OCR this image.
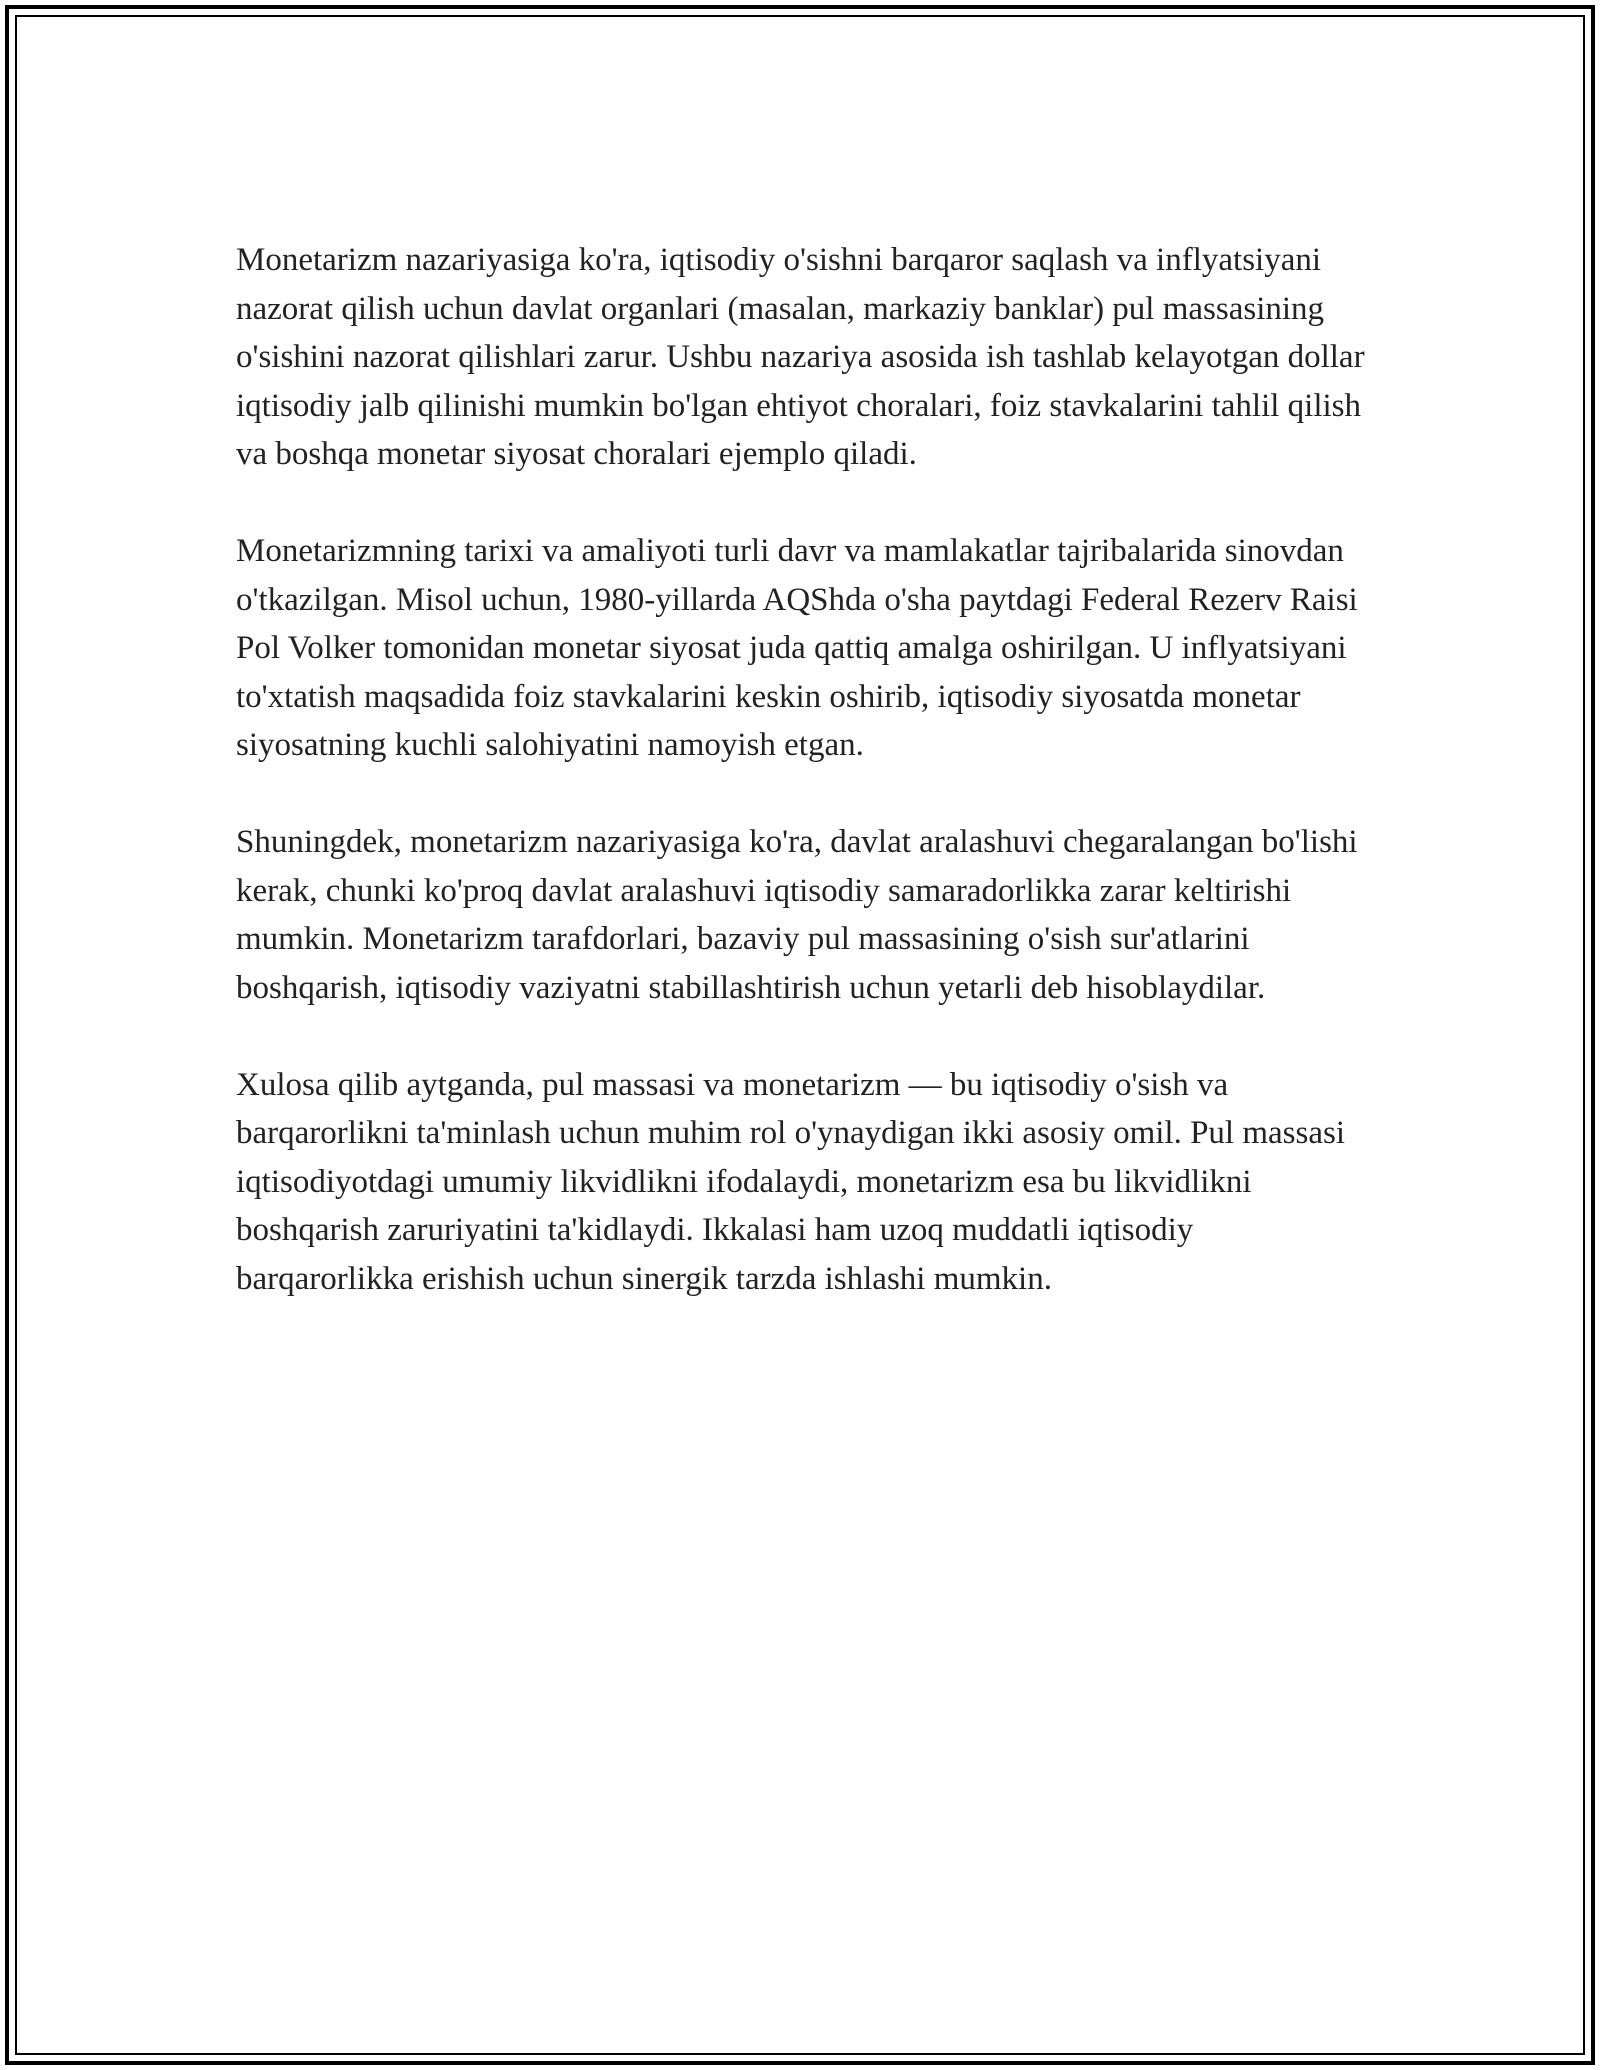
Monetarizm nazariyasiga ko'ra, iqtisodiy o'sishni barqaror saqlash va inflyatsiyani nazorat qilish uchun davlat organlari (masalan, markaziy banklar) pul massasining o'sishini nazorat qilishlari zarur. Ushbu nazariya asosida ish tashlab kelayotgan dollar iqtisodiy jalb qilinishi mumkin bo'lgan ehtiyot choralari, foiz stavkalarini tahlil qilish va boshqa monetar siyosat choralari ejemplo qiladi.

Monetarizmning tarixi va amaliyoti turli davr va mamlakatlar tajribalarida sinovdan o'tkazilgan. Misol uchun, 1980-yillarda AQShda o'sha paytdagi Federal Rezerv Raisi Pol Volker tomonidan monetar siyosat juda qattiq amalga oshirilgan. U inflyatsiyani to'xtatish maqsadida foiz stavkalarini keskin oshirib, iqtisodiy siyosatda monetar siyosatning kuchli salohiyatini namoyish etgan.

Shuningdek, monetarizm nazariyasiga ko'ra, davlat aralashuvi chegaralangan bo'lishi kerak, chunki ko'proq davlat aralashuvi iqtisodiy samaradorlikka zarar keltirishi mumkin. Monetarizm tarafdorlari, bazaviy pul massasining o'sish sur'atlarini boshqarish, iqtisodiy vaziyatni stabillashtirish uchun yetarli deb hisoblaydilar.

Xulosa qilib aytganda, pul massasi va monetarizm — bu iqtisodiy o'sish va barqarorlikni ta'minlash uchun muhim rol o'ynaydigan ikki asosiy omil. Pul massasi iqtisodiyotdagi umumiy likvidlikni ifodalaydi, monetarizm esa bu likvidlikni boshqarish zaruriyatini ta'kidlaydi. Ikkalasi ham uzoq muddatli iqtisodiy barqarorlikka erishish uchun sinergik tarzda ishlashi mumkin.
